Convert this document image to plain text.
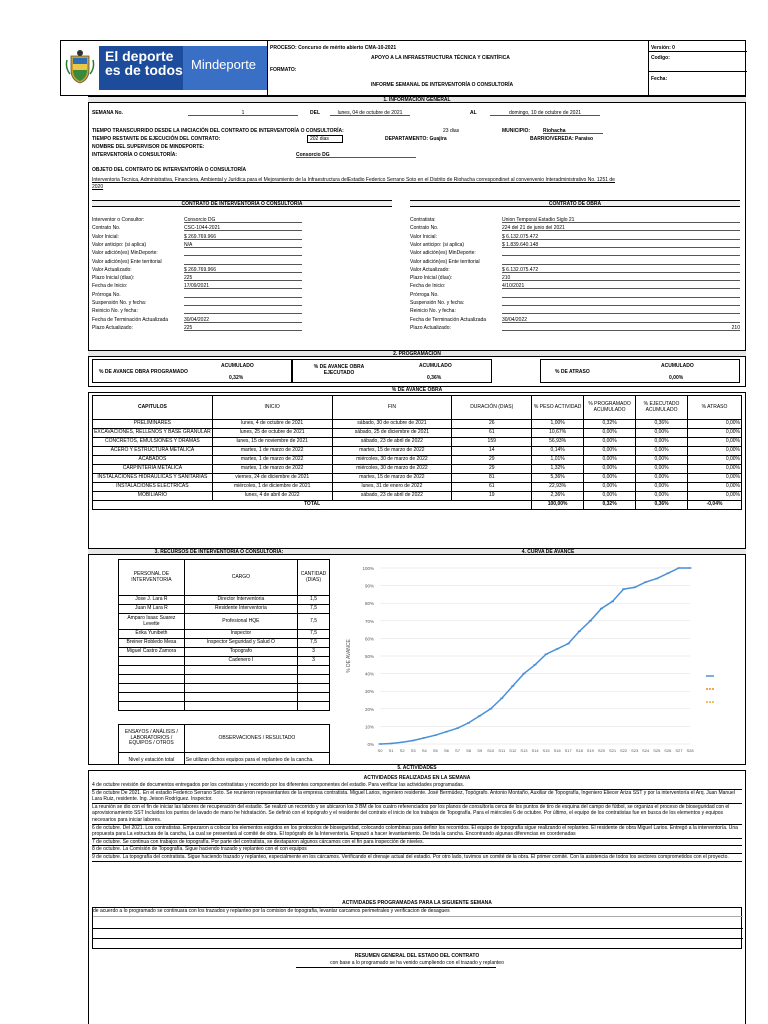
El deporte
es de todos Mindeporte
PROCESO: Concurso de mérito abierto CMA-10-2021
APOYO A LA INFRAESTRUCTURA TÉCNICA Y CIENTÍFICA
FORMATO:
INFORME SEMANAL DE INTERVENTORÍA O CONSULTORÍA
Versión: 0
Codigo:
Fecha:
1. INFORMACIÓN GENERAL
SEMANA No.	1	DEL	lunes, 04 de octubre de 2021	AL	domingo, 10 de octubre de 2021
TIEMPO TRANSCURRIDO DESDE LA INICIACIÓN DEL CONTRATO DE INTERVENTORÍA O CONSULTORÍA:	23 dias	MUNICIPIO:	Riohacha
TIEMPO RESTANTE DE EJECUCIÓN DEL CONTRATO:	202 dias	DEPARTAMENTO: Guajira	BARRIO/VEREDA: Paraiso
NOMBRE DEL SUPERVISOR DE MINDEPORTE:
INTERVENTORÍA O CONSULTORÍA:	Consorcio DG
OBJETO DEL CONTRATO DE INTERVENTORÍA O CONSULTORÍA
Interventoria Tecnica, Administrativa, Financiera, Ambiental y Jurídica para el Mejoramiento de la Infraestructura delEstadio Federico Serrano Soto en el Distrito de Riohacha correspondinet al convenvenio Interadministrativo No. 1251 de
2020
CONTRATO DE INTERVENTORÍA O CONSULTORÍA	CONTRATO DE OBRA
Interventor o Consultor:	Consorcio DG
Contrato No.	CSC-1044-2021
Valor Inicial:	$ 269.769.966
Valor anticipo: (si aplica)	N/A
Valor adición(es) MinDeporte:
Valor adición(es) Ente territorial
Valor Actualizado:	$ 269.769.966
Plazo Inicial (días):	225
Fecha de Inicio:	17/09/2021
Prórroga No.
Suspensión No. y fecha:
Reinicio No. y fecha:
Fecha de Terminación Actualizada	30/04/2022
Plazo Actualizado:	225
Contratista:	Union Temporal Estadio Siglo 21
Contrato No.	224 del 21 de junio del 2021
Valor Inicial:	$ 6.132.075.472
Valor anticipo: (si aplica)	$ 1.839.640.148
Valor adición(es) MinDeporte:
Valor adición(es) Ente territorial
Valor Actualizado:	$ 6.132.075.472
Plazo Inicial (días):	210
Fecha de Inicio:	4/10/2021
Prórroga No.
Suspensión No. y fecha:
Reinicio No. y fecha:
Fecha de Terminación Actualizada	30/04/2022
Plazo Actualizado:	210
2. PROGRAMACIÓN
% DE AVANCE OBRA PROGRAMADO
ACUMULADO
0,32%
% DE AVANCE OBRA EJECUTADO
ACUMULADO
0,36%
% DE ATRASO
ACUMULADO
0,00%
% DE AVANCE OBRA
CAPITULOS	INICIO	FIN	DURACIÓN (DIAS)	% PESO ACTIVIDAD	% PROGRAMADO ACUMULADO	% EJECUTADO ACUMULADO	% ATRASO
PRELIMINARES	lunes, 4 de octubre de 2021	sábado, 30 de octubre de 2021	26	1,00%	0,32%	0,36%	0,00%
EXCAVACIONES, RELLENOS Y BASE GRANULAR	lunes, 25 de octubre de 2021	sábado, 25 de diciembre de 2021	61	10,67%	0,00%	0,00%	0,00%
CONCRETOS, EMULSIONES Y DRAMAS	lunes, 15 de noviembre de 2021	sábado, 23 de abril de 2022	159	56,93%	0,00%	0,00%	0,00%
ACERO Y ESTRUCTURA METALICA	martes, 1 de marzo de 2022	martes, 15 de marzo de 2022	14	0,14%	0,00%	0,00%	0,00%
ACABADOS	martes, 1 de marzo de 2022	miércoles, 30 de marzo de 2022	29	1,01%	0,00%	0,00%	0,00%
CARPINTERIA METALICA	martes, 1 de marzo de 2022	miércoles, 30 de marzo de 2022	29	1,32%	0,00%	0,00%	0,00%
INSTALACIONES HIDRAULICAS Y SANITARIAS	viernes, 24 de diciembre de 2021	martes, 15 de marzo de 2022	81	5,36%	0,00%	0,00%	0,00%
INSTALACIONES ELÉCTRICAS	miércoles, 1 de diciembre de 2021	lunes, 31 de enero de 2022	61	22,93%	0,00%	0,00%	0,00%
MOBILIARIO	lunes, 4 de abril de 2022	sábado, 23 de abril de 2022	19	2,36%	0,00%	0,00%	0,00%
TOTAL				100,00%	0,32%	0,36%	-0,04%
3. RECURSOS DE INTERVENTORÍA O CONSULTORIA:
PERSONAL DE INTERVENTORIA	CARGO	CANTIDAD (DIAS)
Jose J. Lara R	Director Interventoria	1,5
Juan M Lara R	Residente Interventoria	7,5
Amparo Isaac Suarez Levette	Profesional HQE	7,5
Erika Yunibeth	Inspector	7,5
Breiner Robledo Mesa	Inspector Seguridad y Salud O	7,5
Miguel Castro Zamora	Topografo	3
	Cadenero I	3

ENSAYOS / ANÁLISIS / LABORATORIOS / EQUIPOS / OTROS	OBSERVACIONES / RESULTADO
Nivel y estación total	Se utilizan dichos equipos para el replanteo de la cancha.
4. CURVA DE AVANCE
0%
10%
20%
30%
40%
50%
60%
70%
80%
90%
100%
S0 S1 S2 S3 S4 S5 S6 S7 S8 S9 S10 S11 S12 S13 S14 S15 S16 S17 S18 S19 S20 S21 S22 S23 S24 S25 S26 S27 S28
% DE AVANCE
5. ACTIVIDADES
ACTIVIDADES REALIZADAS EN LA SEMANA
4 de octubre revisión de documentos entregados por los contratistas y recorrido por los diferentes componentes del estadio. Para verificar las actividades programadas.
5 de octubre De 2021. En el estadio Federico Serrano Soto. Se reunieron representantes de la empresa contratista. Miguel Larios, ingeniero residente. José Bermúdez, Topógrafo. Antonio Montaño, Auxiliar de Topografía, Ingeniero Eliecer Ariza SST y por la interventoría el Arq. Juan Manuel Lara Ruiz, residente. Ing. Jeison Rodríguez. Inspector.
La reunión se dio con el fin de iniciar las labores de recuperación del estadio. Se realizó un recorrido y se ubicaron los 3 BM de los cuatro referenciados por los planos de consultoría cerca de los puntos de tiro de esquina del campo de fútbol, se organiza el proceso de bioseguridad con el aprovisionamiento SST Incluidos los puntos de lavado de mano he hidratación. Se definió con el topógrafo y el residente del contrato el inicio de los trabajos de Topografía. Para el miércoles 6 de octubre. Por último, el equipo de los contratistas fue en busca de los elementos y equipos necesarios para iniciar labores.
6 de octubre. Del 2021. Los contratistas. Empezaron a colocar los elementos exigidos en los protocolos de bioseguridad, colocando colombinas para definir los recorridos. El equipo de topografía sigue realizando el replanteo. El residente de obra Miguel Larios. Entregó a la interventoría. Una propuesta para La estructura de la cancha, La cual se presentará al comité de obra. El topógrafo de la Interventoría. Empazó a hacer levantamiento. De toda la cancha. Encontrando algunas diferencias en coordenadas
7 de octubre. Se continua con trabajos de topografía. Por parte del contratista, se destaparon algunos cárcamos con el fin para inspección de niveles.
8 de octubre. La Comisión de Topografía. Sigue haciendo trazado y replanteo con el con equipos
9 de octubre. La topografía del contratista. Sigue haciendo trazado y replanteo, especialmente en los cárcamos. Verificando el drenaje actual del estadio. Por otro lado, tuvimos un comité de la obra. El primer comité. Con la asistencia de todos los sectores comprometidos con el proyecto.
ACTIVIDADES PROGRAMADAS PARA LA SIGUIENTE SEMANA
de acuerdo a lo programado se continuara con los trazados y replanteo por la comision de topografia, levantar carcamos perimetrales y verificacion de desagues
RESUMEN GENERAL DEL ESTADO DEL CONTRATO
con base a lo programado se ha venido cumpliendo con el trazado y replanteo
